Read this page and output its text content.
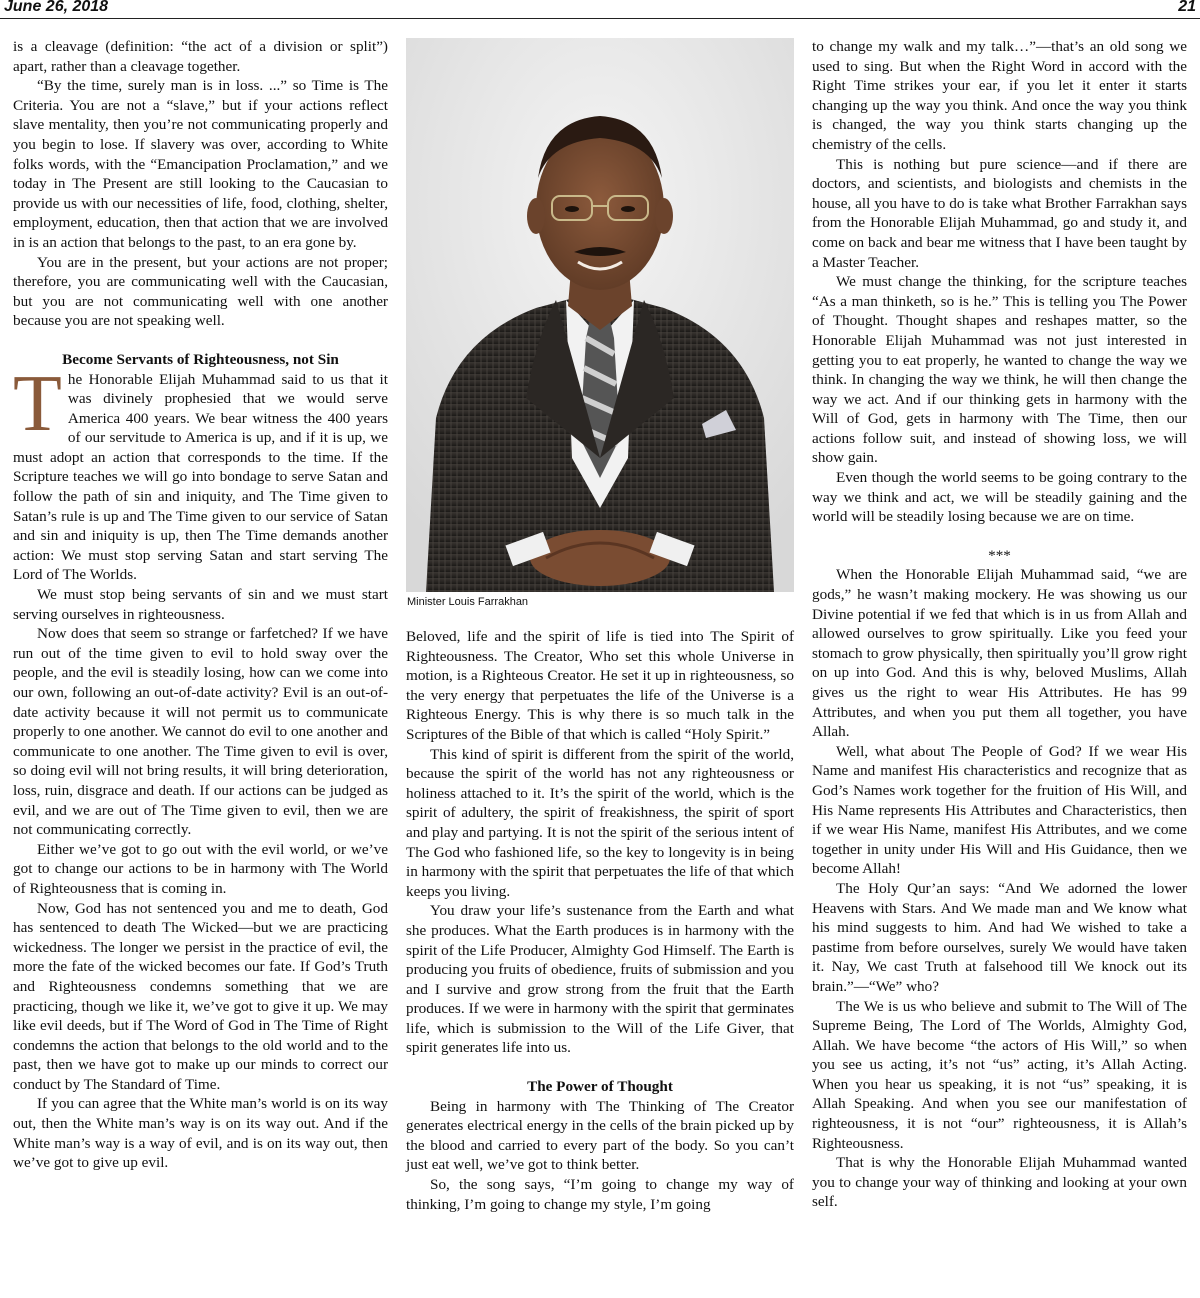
June 26, 2018	21

is a cleavage (definition: “the act of a division or split”) apart, rather than a cleavage together.

“By the time, surely man is in loss. ...” so Time is The Criteria. You are not a “slave,” but if your actions reflect slave mentality, then you’re not communicating properly and you begin to lose. If slavery was over, according to White folks words, with the “Emancipation Proclamation,” and we today in The Present are still looking to the Caucasian to provide us with our necessities of life, food, clothing, shelter, employment, education, then that action that we are involved in is an action that belongs to the past, to an era gone by.

You are in the present, but your actions are not proper; therefore, you are communicating well with the Caucasian, but you are not communicating well with one another because you are not speaking well.

Become Servants of Righteousness, not Sin

The Honorable Elijah Muhammad said to us that it was divinely prophesied that we would serve America 400 years. We bear witness the 400 years of our servitude to America is up, and if it is up, we must adopt an action that corresponds to the time. If the Scripture teaches we will go into bondage to serve Satan and follow the path of sin and iniquity, and The Time given to Satan’s rule is up and The Time given to our service of Satan and sin and iniquity is up, then The Time demands another action: We must stop serving Satan and start serving The Lord of The Worlds.

We must stop being servants of sin and we must start serving ourselves in righteousness.

Now does that seem so strange or farfetched? If we have run out of the time given to evil to hold sway over the people, and the evil is steadily losing, how can we come into our own, following an out-of-date activity? Evil is an out-of-date activity because it will not permit us to communicate properly to one another. We cannot do evil to one another and communicate to one another. The Time given to evil is over, so doing evil will not bring results, it will bring deterioration, loss, ruin, disgrace and death. If our actions can be judged as evil, and we are out of The Time given to evil, then we are not communicating correctly.

Either we’ve got to go out with the evil world, or we’ve got to change our actions to be in harmony with The World of Righteousness that is coming in.

Now, God has not sentenced you and me to death, God has sentenced to death The Wicked—but we are practicing wickedness. The longer we persist in the practice of evil, the more the fate of the wicked becomes our fate. If God’s Truth and Righteousness condemns something that we are practicing, though we like it, we’ve got to give it up. We may like evil deeds, but if The Word of God in The Time of Right condemns the action that belongs to the old world and to the past, then we have got to make up our minds to correct our conduct by The Standard of Time.

If you can agree that the White man’s world is on its way out, then the White man’s way is on its way out. And if the White man’s way is a way of evil, and is on its way out, then we’ve got to give up evil.

Minister Louis Farrakhan

Beloved, life and the spirit of life is tied into The Spirit of Righteousness. The Creator, Who set this whole Universe in motion, is a Righteous Creator. He set it up in righteousness, so the very energy that perpetuates the life of the Universe is a Righteous Energy. This is why there is so much talk in the Scriptures of the Bible of that which is called “Holy Spirit.”

This kind of spirit is different from the spirit of the world, because the spirit of the world has not any righteousness or holiness attached to it. It’s the spirit of the world, which is the spirit of adultery, the spirit of freakishness, the spirit of sport and play and partying. It is not the spirit of the serious intent of The God who fashioned life, so the key to longevity is in being in harmony with the spirit that perpetuates the life of that which keeps you living.

You draw your life’s sustenance from the Earth and what she produces. What the Earth produces is in harmony with the spirit of the Life Producer, Almighty God Himself. The Earth is producing you fruits of obedience, fruits of submission and you and I survive and grow strong from the fruit that the Earth produces. If we were in harmony with the spirit that germinates life, which is submission to the Will of the Life Giver, that spirit generates life into us.

The Power of Thought

Being in harmony with The Thinking of The Creator generates electrical energy in the cells of the brain picked up by the blood and carried to every part of the body. So you can’t just eat well, we’ve got to think better.

So, the song says, “I’m going to change my way of thinking, I’m going to change my style, I’m going

to change my walk and my talk…”—that’s an old song we used to sing. But when the Right Word in accord with the Right Time strikes your ear, if you let it enter it starts changing up the way you think. And once the way you think is changed, the way you think starts changing up the chemistry of the cells.

This is nothing but pure science—and if there are doctors, and scientists, and biologists and chemists in the house, all you have to do is take what Brother Farrakhan says from the Honorable Elijah Muhammad, go and study it, and come on back and bear me witness that I have been taught by a Master Teacher.

We must change the thinking, for the scripture teaches “As a man thinketh, so is he.” This is telling you The Power of Thought. Thought shapes and reshapes matter, so the Honorable Elijah Muhammad was not just interested in getting you to eat properly, he wanted to change the way we think. In changing the way we think, he will then change the way we act. And if our thinking gets in harmony with the Will of God, gets in harmony with The Time, then our actions follow suit, and instead of showing loss, we will show gain.

Even though the world seems to be going contrary to the way we think and act, we will be steadily gaining and the world will be steadily losing because we are on time.

***

When the Honorable Elijah Muhammad said, “we are gods,” he wasn’t making mockery. He was showing us our Divine potential if we fed that which is in us from Allah and allowed ourselves to grow spiritually. Like you feed your stomach to grow physically, then spiritually you’ll grow right on up into God. And this is why, beloved Muslims, Allah gives us the right to wear His Attributes. He has 99 Attributes, and when you put them all together, you have Allah.

Well, what about The People of God? If we wear His Name and manifest His characteristics and recognize that as God’s Names work together for the fruition of His Will, and His Name represents His Attributes and Characteristics, then if we wear His Name, manifest His Attributes, and we come together in unity under His Will and His Guidance, then we become Allah!

The Holy Qur’an says: “And We adorned the lower Heavens with Stars. And We made man and We know what his mind suggests to him. And had We wished to take a pastime from before ourselves, surely We would have taken it. Nay, We cast Truth at falsehood till We knock out its brain.”—“We” who?

The We is us who believe and submit to The Will of The Supreme Being, The Lord of The Worlds, Almighty God, Allah. We have become “the actors of His Will,” so when you see us acting, it’s not “us” acting, it’s Allah Acting. When you hear us speaking, it is not “us” speaking, it is Allah Speaking. And when you see our manifestation of righteousness, it is not “our” righteousness, it is Allah’s Righteousness.

That is why the Honorable Elijah Muhammad wanted you to change your way of thinking and looking at your own self.
